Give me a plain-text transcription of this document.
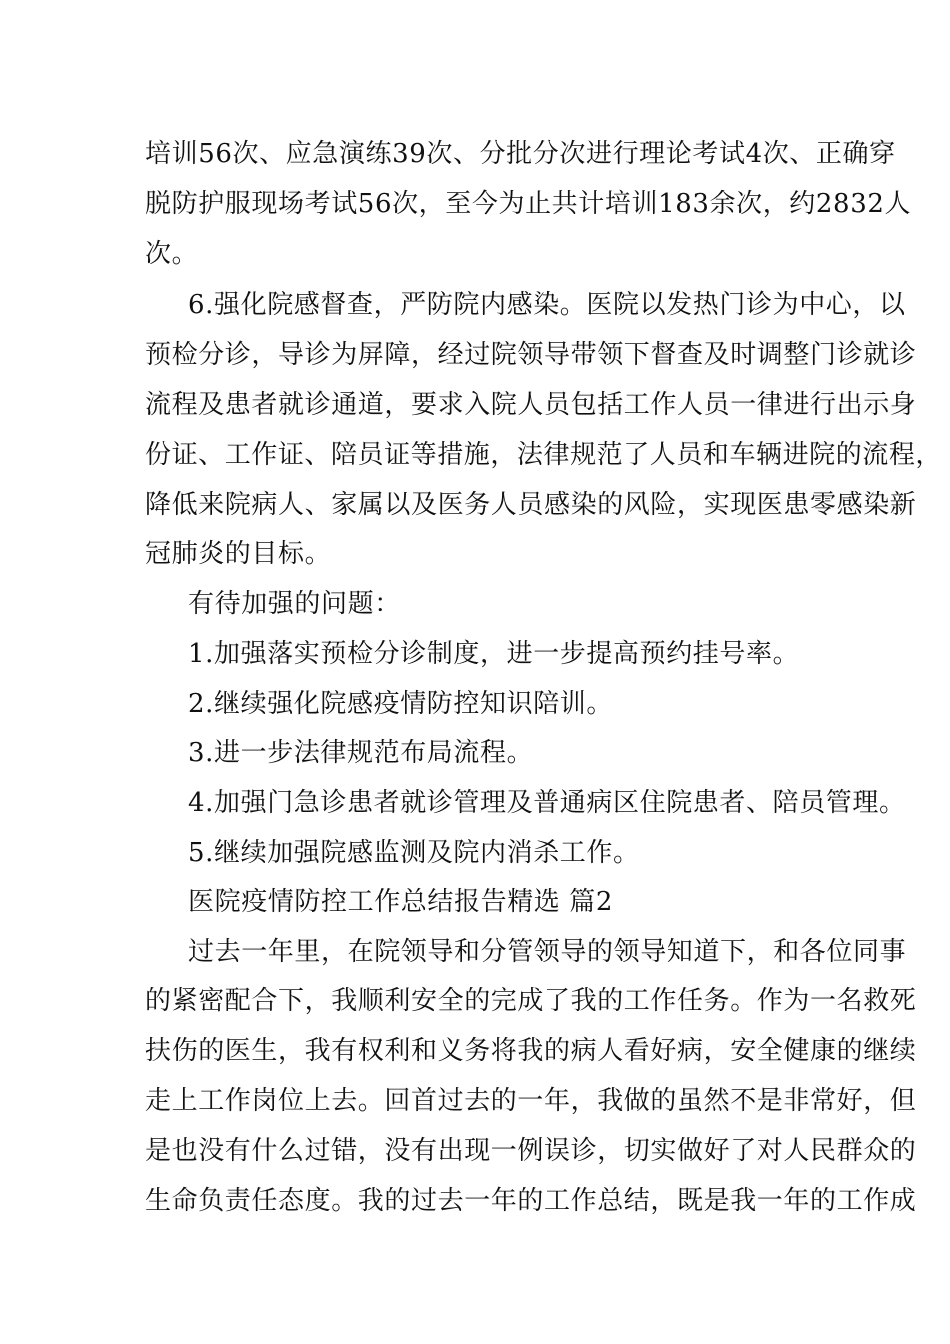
培训56次、应急演练39次、分批分次进行理论考试4次、正确穿
脱防护服现场考试56次，至今为止共计培训183余次，约2832人
次。
6.强化院感督查，严防院内感染。医院以发热门诊为中心，以
预检分诊，导诊为屏障，经过院领导带领下督查及时调整门诊就诊
流程及患者就诊通道，要求入院人员包括工作人员一律进行出示身
份证、工作证、陪员证等措施，法律规范了人员和车辆进院的流程，
降低来院病人、家属以及医务人员感染的风险，实现医患零感染新
冠肺炎的目标。
有待加强的问题：
1.加强落实预检分诊制度，进一步提高预约挂号率。
2.继续强化院感疫情防控知识陪训。
3.进一步法律规范布局流程。
4.加强门急诊患者就诊管理及普通病区住院患者、陪员管理。
5.继续加强院感监测及院内消杀工作。
医院疫情防控工作总结报告精选 篇2
过去一年里，在院领导和分管领导的领导知道下，和各位同事
的紧密配合下，我顺利安全的完成了我的工作任务。作为一名救死
扶伤的医生，我有权利和义务将我的病人看好病，安全健康的继续
走上工作岗位上去。回首过去的一年，我做的虽然不是非常好，但
是也没有什么过错，没有出现一例误诊，切实做好了对人民群众的
生命负责任态度。我的过去一年的工作总结，既是我一年的工作成
